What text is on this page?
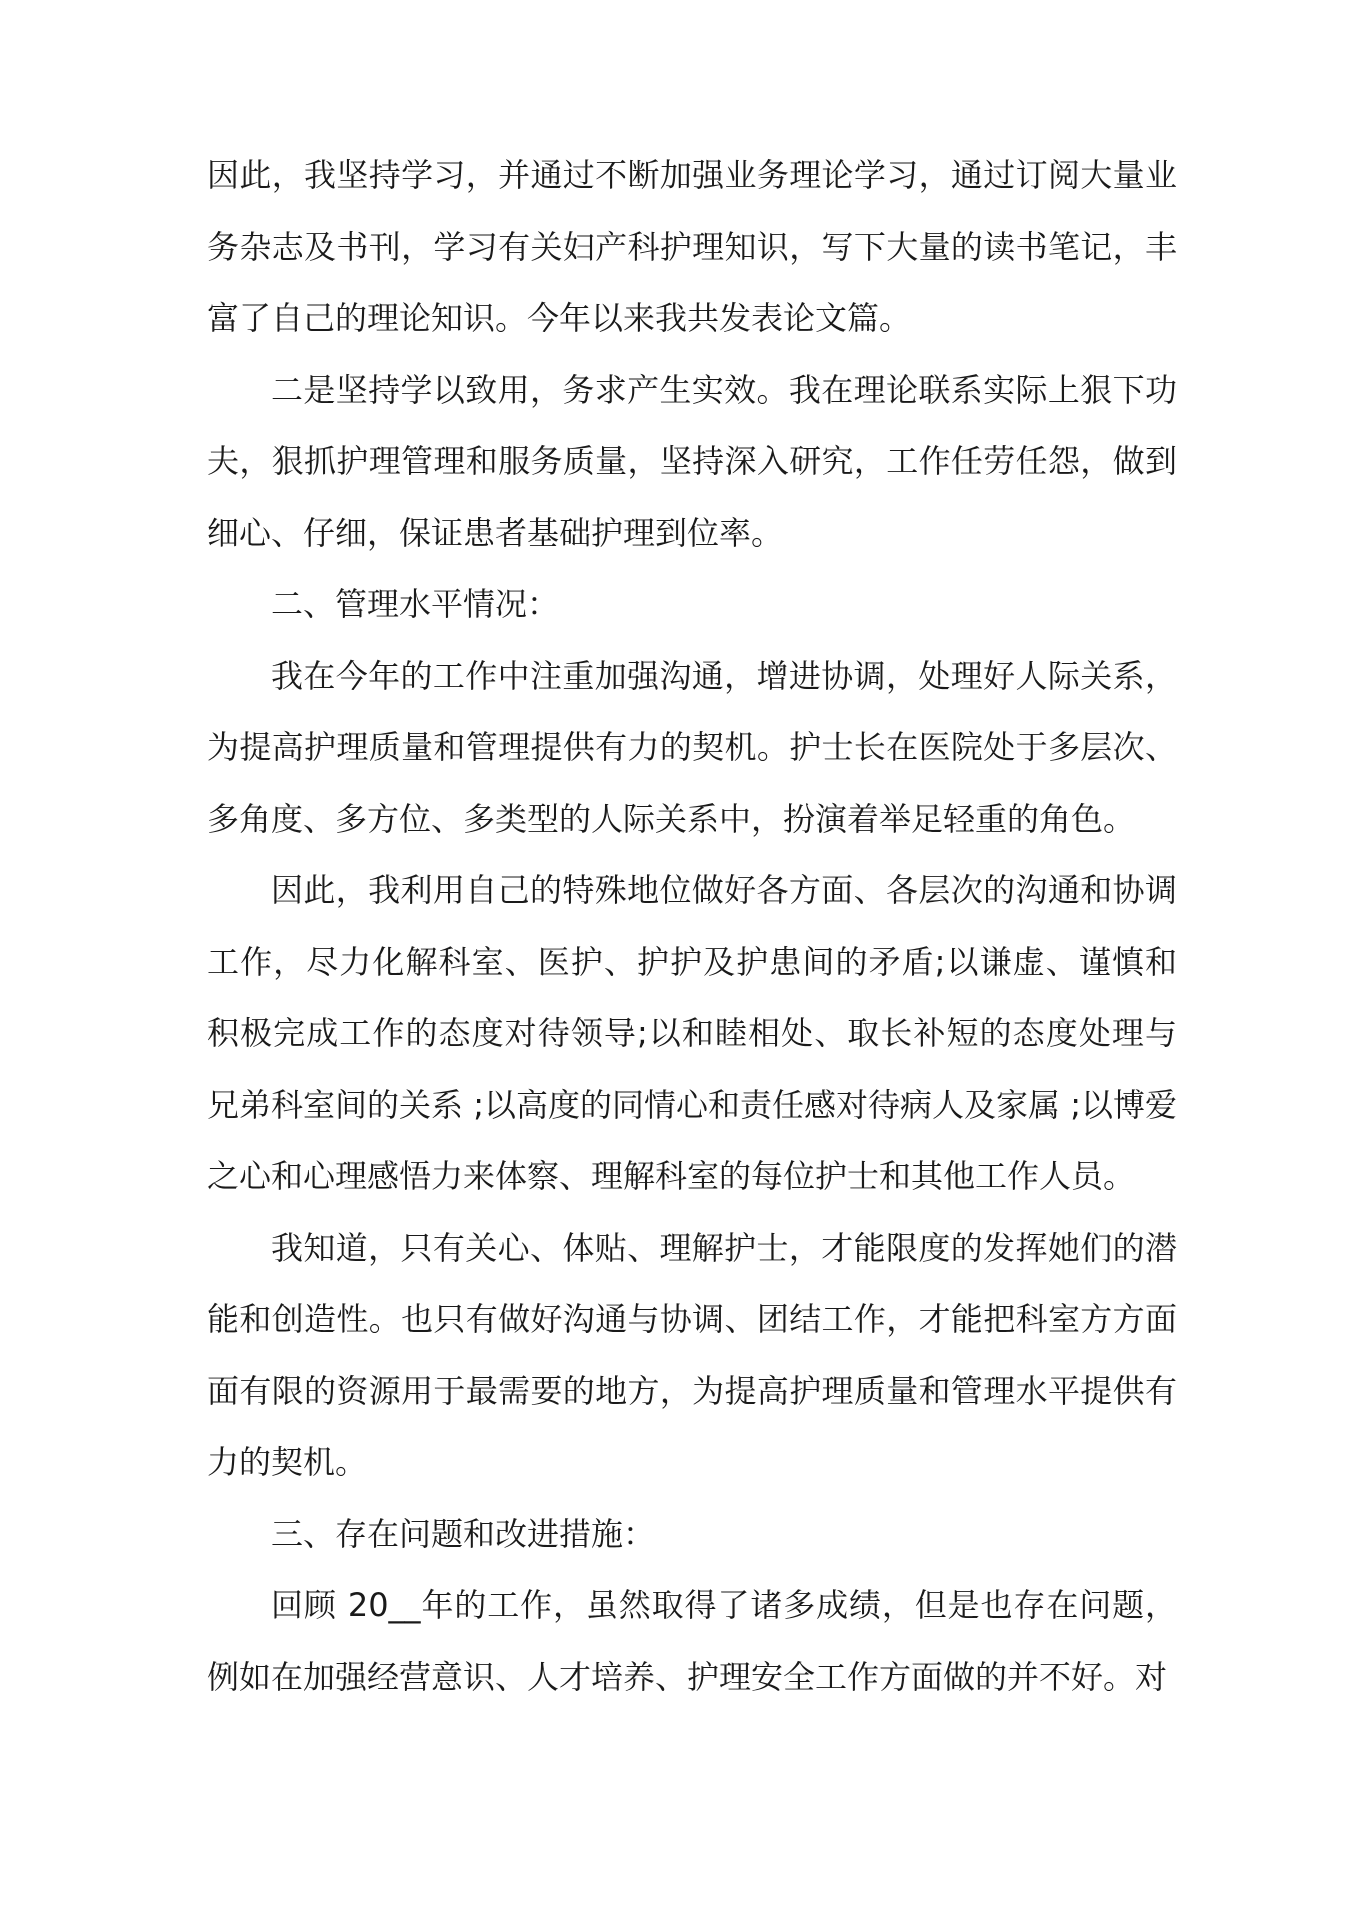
因此，我坚持学习，并通过不断加强业务理论学习，通过订阅大量业务杂志及书刊，学习有关妇产科护理知识，写下大量的读书笔记，丰富了自己的理论知识。今年以来我共发表论文篇。

二是坚持学以致用，务求产生实效。我在理论联系实际上狠下功夫，狠抓护理管理和服务质量，坚持深入研究，工作任劳任怨，做到细心、仔细，保证患者基础护理到位率。

二、管理水平情况：

我在今年的工作中注重加强沟通，增进协调，处理好人际关系，为提高护理质量和管理提供有力的契机。护士长在医院处于多层次、多角度、多方位、多类型的人际关系中，扮演着举足轻重的角色。

因此，我利用自己的特殊地位做好各方面、各层次的沟通和协调工作，尽力化解科室、医护、护护及护患间的矛盾;以谦虚、谨慎和积极完成工作的态度对待领导;以和睦相处、取长补短的态度处理与兄弟科室间的关系 ;以高度的同情心和责任感对待病人及家属 ;以博爱之心和心理感悟力来体察、理解科室的每位护士和其他工作人员。

我知道，只有关心、体贴、理解护士，才能限度的发挥她们的潜能和创造性。也只有做好沟通与协调、团结工作，才能把科室方方面面有限的资源用于最需要的地方，为提高护理质量和管理水平提供有力的契机。

三、存在问题和改进措施：

回顾 20__年的工作，虽然取得了诸多成绩，但是也存在问题，例如在加强经营意识、人才培养、护理安全工作方面做的并不好。对
